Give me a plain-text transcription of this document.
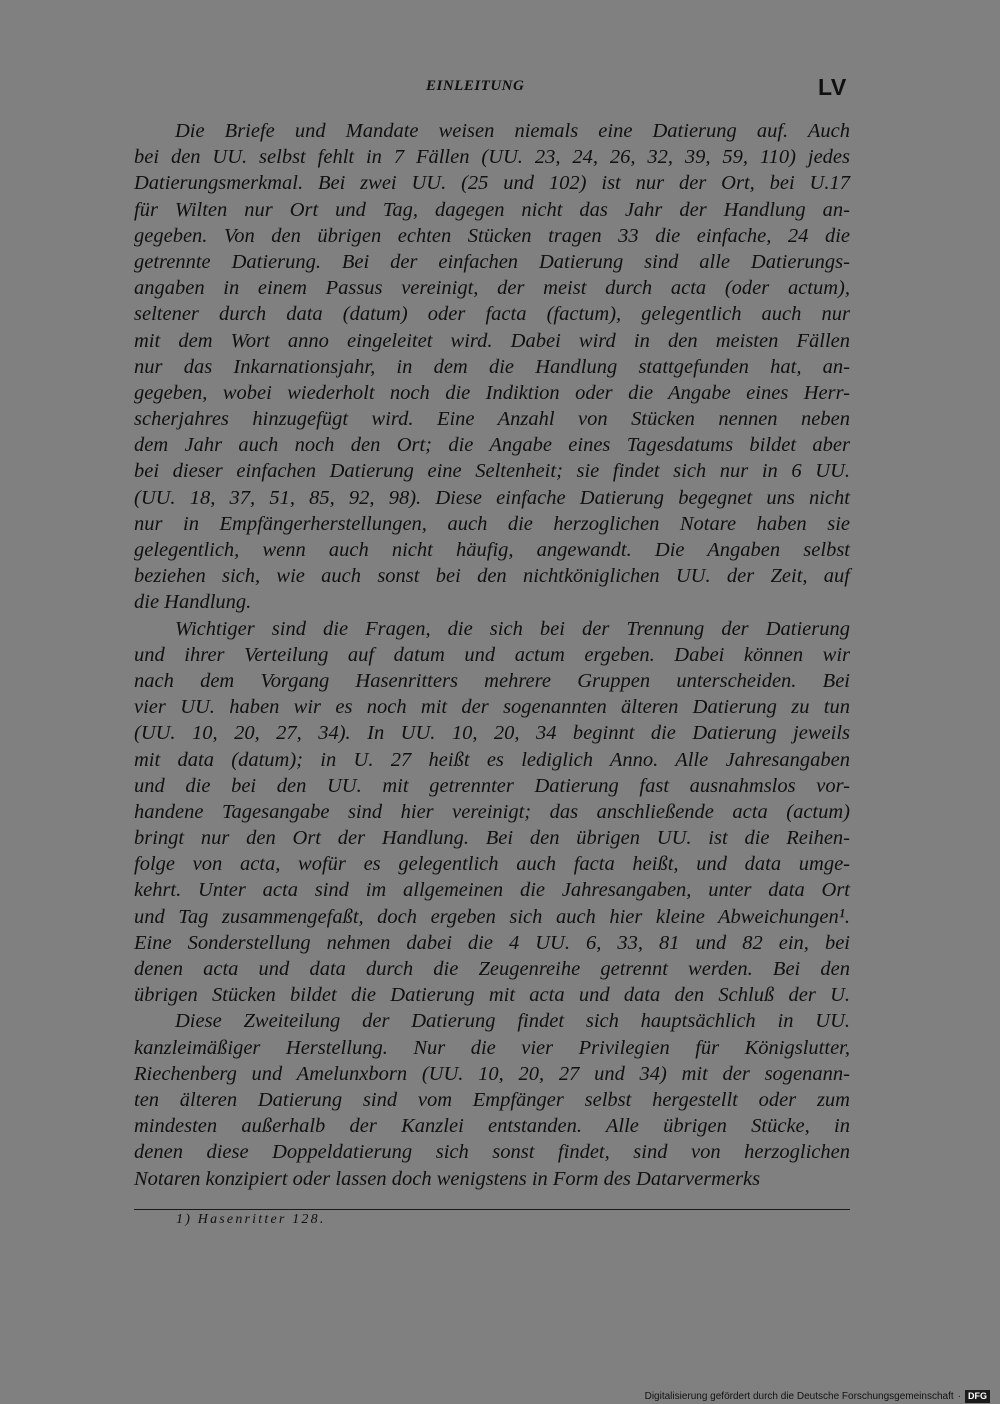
EINLEITUNG	LV
Die Briefe und Mandate weisen niemals eine Datierung auf. Auch
bei den UU. selbst fehlt in 7 Fällen (UU. 23, 24, 26, 32, 39, 59, 110) jedes
Datierungsmerkmal. Bei zwei UU. (25 und 102) ist nur der Ort, bei U.17
für Wilten nur Ort und Tag, dagegen nicht das Jahr der Handlung an-
gegeben. Von den übrigen echten Stücken tragen 33 die einfache, 24 die
getrennte Datierung. Bei der einfachen Datierung sind alle Datierungs-
angaben in einem Passus vereinigt, der meist durch acta (oder actum),
seltener durch data (datum) oder facta (factum), gelegentlich auch nur
mit dem Wort anno eingeleitet wird. Dabei wird in den meisten Fällen
nur das Inkarnationsjahr, in dem die Handlung stattgefunden hat, an-
gegeben, wobei wiederholt noch die Indiktion oder die Angabe eines Herr-
scherjahres hinzugefügt wird. Eine Anzahl von Stücken nennen neben
dem Jahr auch noch den Ort; die Angabe eines Tagesdatums bildet aber
bei dieser einfachen Datierung eine Seltenheit; sie findet sich nur in 6 UU.
(UU. 18, 37, 51, 85, 92, 98). Diese einfache Datierung begegnet uns nicht
nur in Empfängerherstellungen, auch die herzoglichen Notare haben sie
gelegentlich, wenn auch nicht häufig, angewandt. Die Angaben selbst
beziehen sich, wie auch sonst bei den nichtköniglichen UU. der Zeit, auf
die Handlung.
Wichtiger sind die Fragen, die sich bei der Trennung der Datierung
und ihrer Verteilung auf datum und actum ergeben. Dabei können wir
nach dem Vorgang Hasenritters mehrere Gruppen unterscheiden. Bei
vier UU. haben wir es noch mit der sogenannten älteren Datierung zu tun
(UU. 10, 20, 27, 34). In UU. 10, 20, 34 beginnt die Datierung jeweils
mit data (datum); in U. 27 heißt es lediglich Anno. Alle Jahresangaben
und die bei den UU. mit getrennter Datierung fast ausnahmslos vor-
handene Tagesangabe sind hier vereinigt; das anschließende acta (actum)
bringt nur den Ort der Handlung. Bei den übrigen UU. ist die Reihen-
folge von acta, wofür es gelegentlich auch facta heißt, und data umge-
kehrt. Unter acta sind im allgemeinen die Jahresangaben, unter data Ort
und Tag zusammengefaßt, doch ergeben sich auch hier kleine Abweichungen¹.
Eine Sonderstellung nehmen dabei die 4 UU. 6, 33, 81 und 82 ein, bei
denen acta und data durch die Zeugenreihe getrennt werden. Bei den
übrigen Stücken bildet die Datierung mit acta und data den Schluß der U.
Diese Zweiteilung der Datierung findet sich hauptsächlich in UU.
kanzleimäßiger Herstellung. Nur die vier Privilegien für Königslutter,
Riechenberg und Amelunxborn (UU. 10, 20, 27 und 34) mit der sogenann-
ten älteren Datierung sind vom Empfänger selbst hergestellt oder zum
mindesten außerhalb der Kanzlei entstanden. Alle übrigen Stücke, in
denen diese Doppeldatierung sich sonst findet, sind von herzoglichen
Notaren konzipiert oder lassen doch wenigstens in Form des Datarvermerks
1) Hasenritter 128.
Digitalisierung gefördert durch die Deutsche Forschungsgemeinschaft · DFG
